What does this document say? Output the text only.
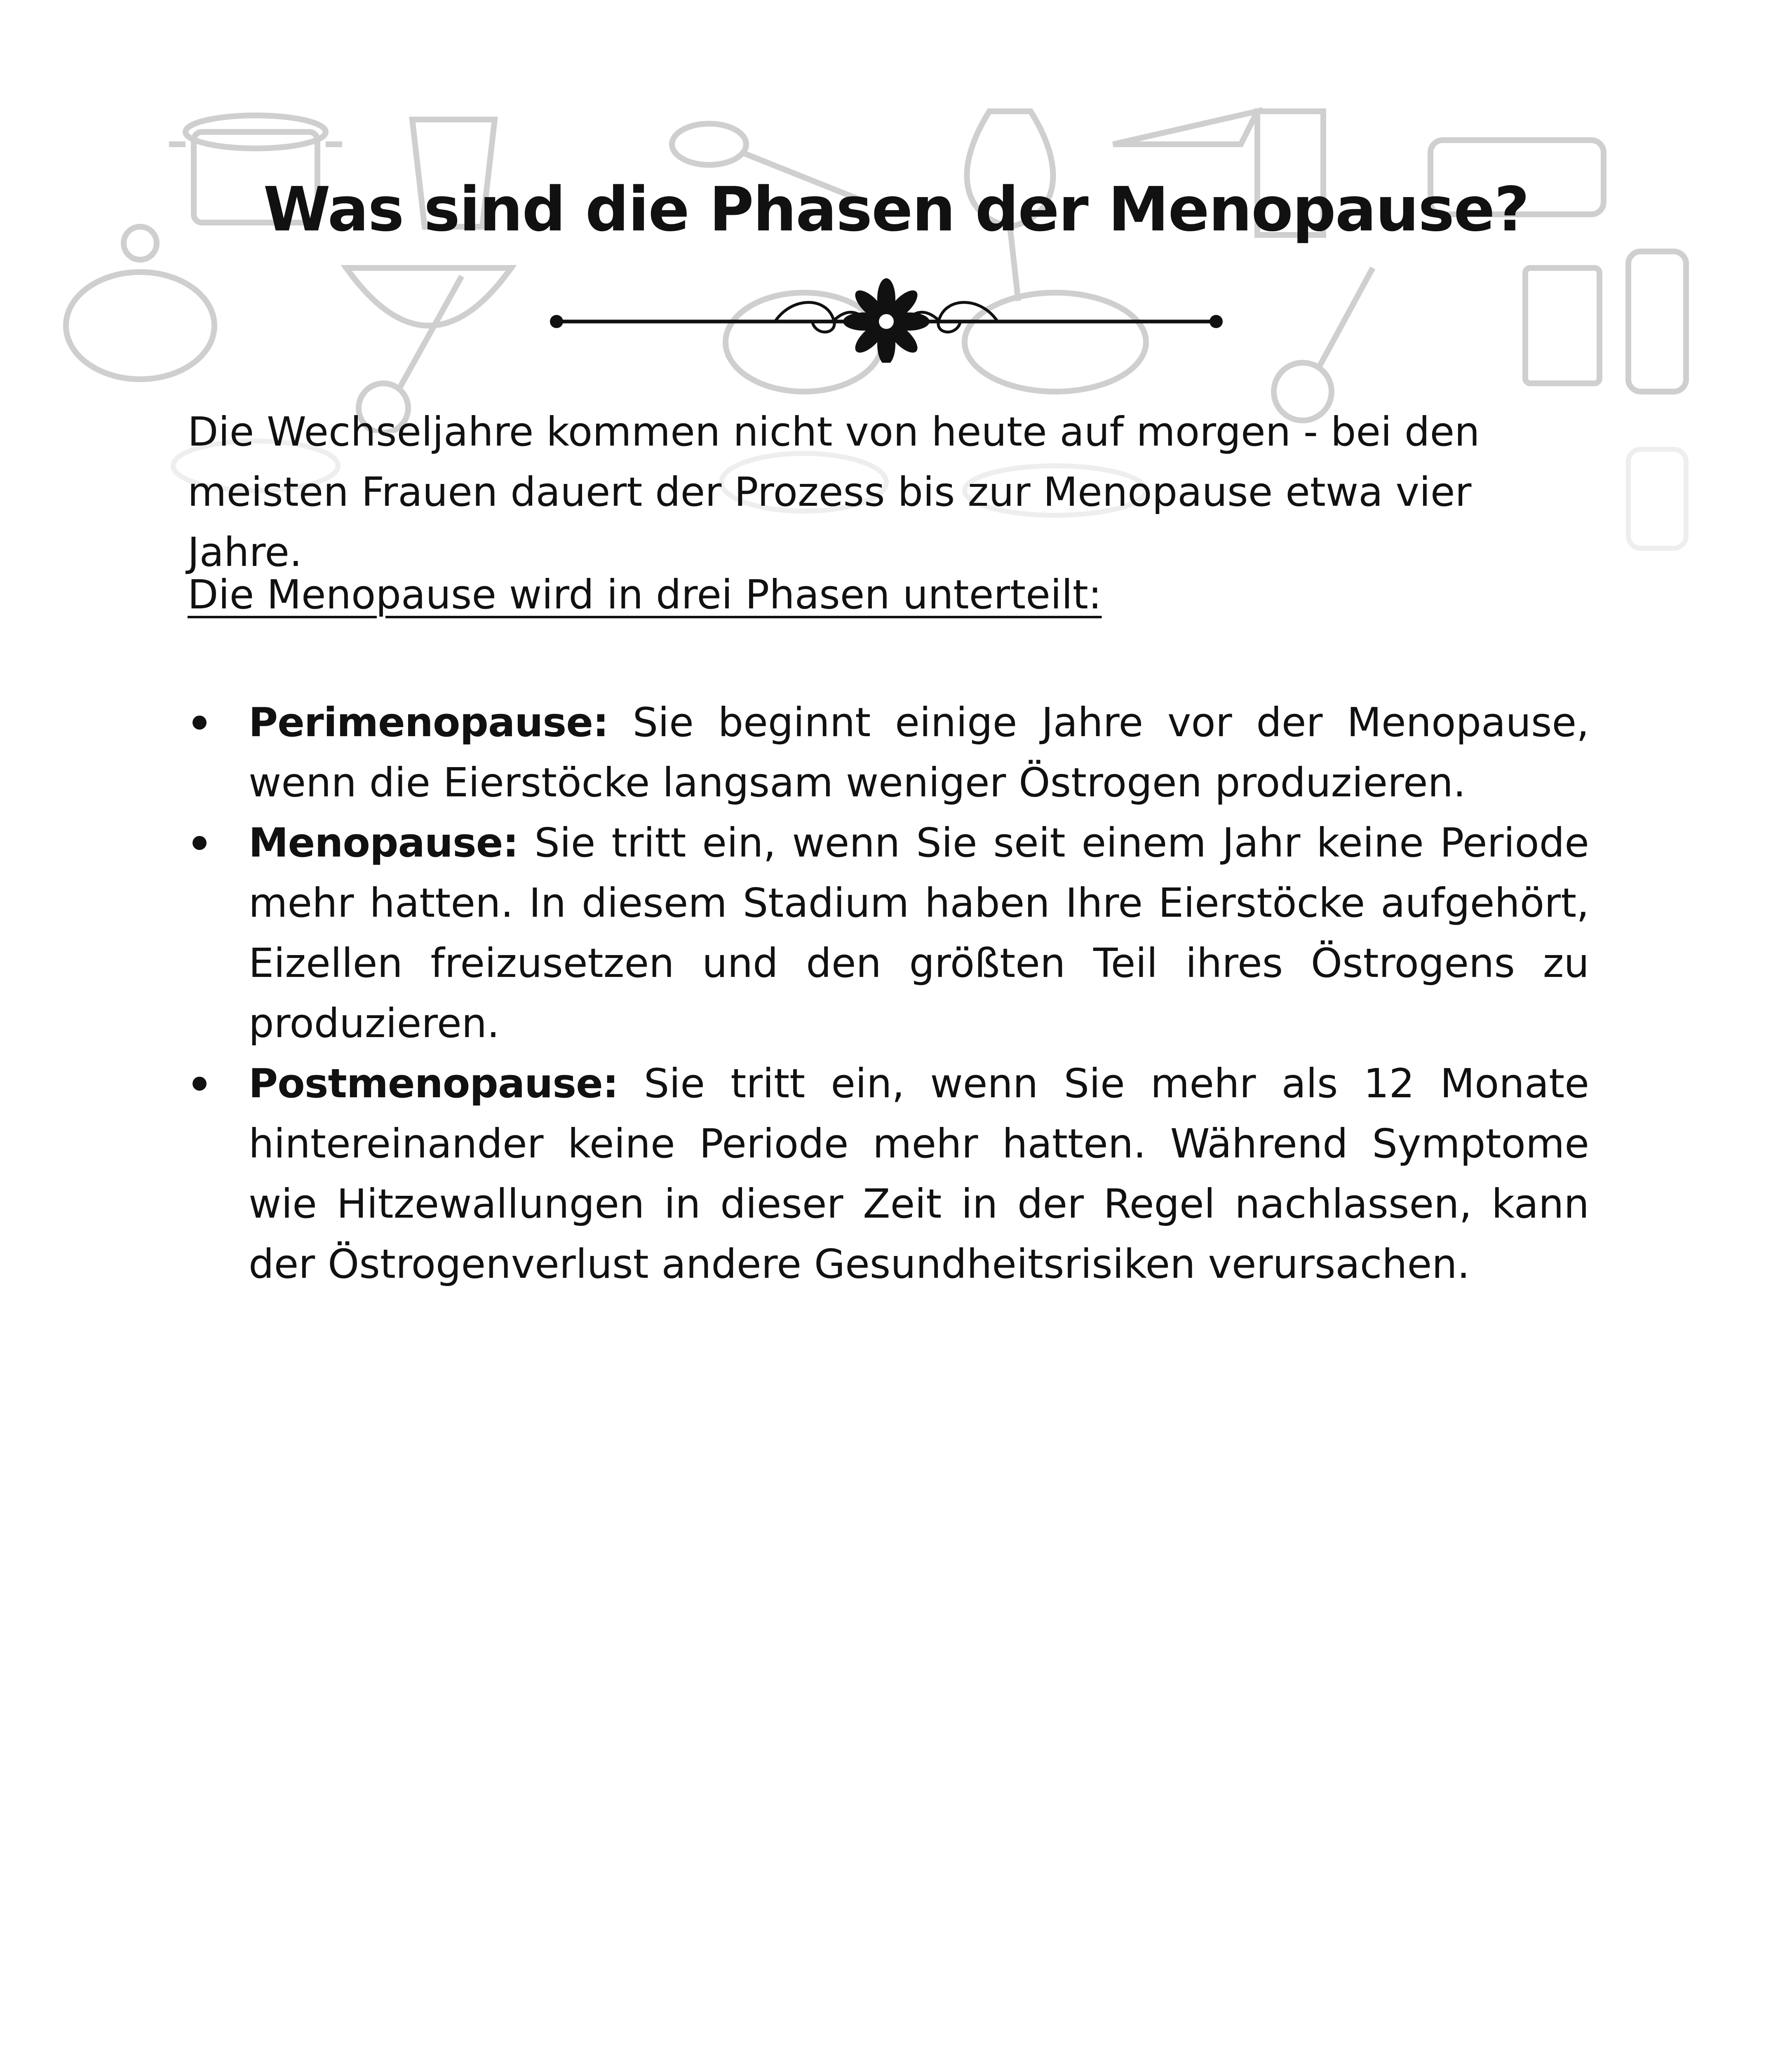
Was sind die Phasen der Menopause?
Die Wechseljahre kommen nicht von heute auf morgen - bei den meisten Frauen dauert der Prozess bis zur Menopause etwa vier Jahre.
Die Menopause wird in drei Phasen unterteilt:
Perimenopause: Sie beginnt einige Jahre vor der Menopause, wenn die Eierstöcke langsam weniger Östrogen produzieren.
Menopause: Sie tritt ein, wenn Sie seit einem Jahr keine Periode mehr hatten. In diesem Stadium haben Ihre Eierstöcke aufgehört, Eizellen freizusetzen und den größten Teil ihres Östrogens zu produzieren.
Postmenopause: Sie tritt ein, wenn Sie mehr als 12 Monate hintereinander keine Periode mehr hatten. Während Symptome wie Hitzewallungen in dieser Zeit in der Regel nachlassen, kann der Östrogenverlust andere Gesundheitsrisiken verursachen.
